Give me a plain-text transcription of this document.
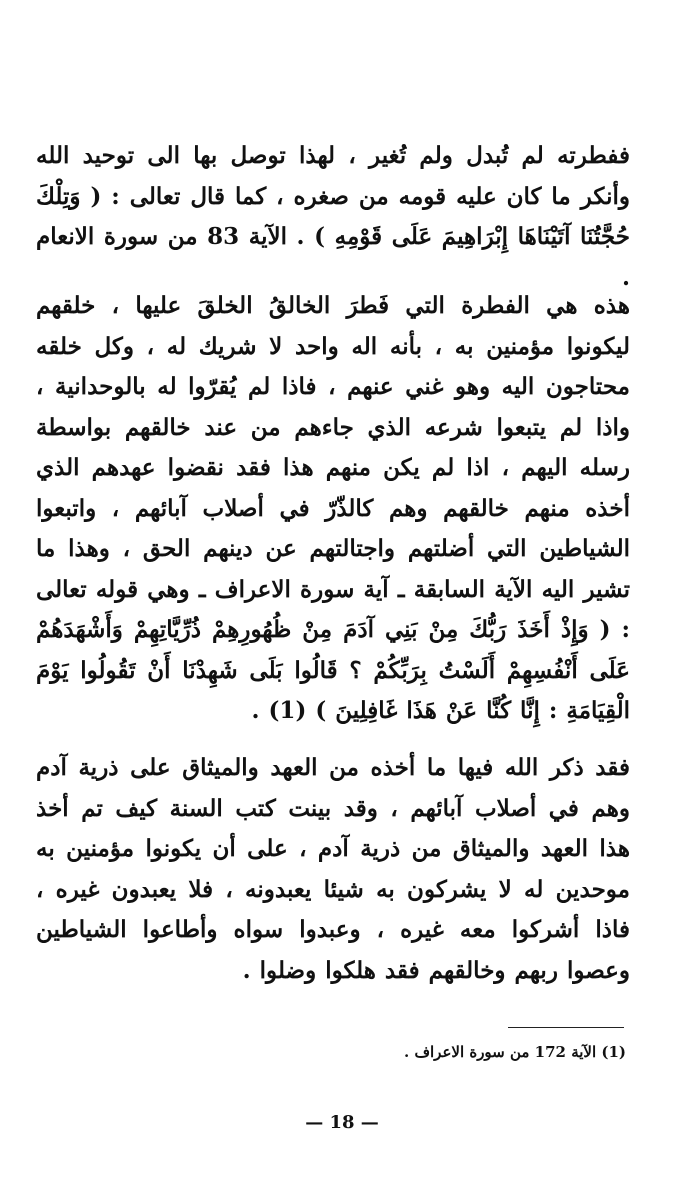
ففطرته لم تُبدل ولم تُغير ، لهذا توصل بها الى توحيد الله وأنكر ما كان عليه قومه من صغره ، كما قال تعالى : ( وَتِلْكَ حُجَّتُنَا آتَيْنَاهَا إِبْرَاهِيمَ عَلَى قَوْمِهِ ) . الآية 83 من سورة الانعام .

هذه هي الفطرة التي فَطرَ الخالقُ الخلقَ عليها ، خلقهم ليكونوا مؤمنين به ، بأنه اله واحد لا شريك له ، وكل خلقه محتاجون اليه وهو غني عنهم ، فاذا لم يُقرّوا له بالوحدانية ، واذا لم يتبعوا شرعه الذي جاءهم من عند خالقهم بواسطة رسله اليهم ، اذا لم يكن منهم هذا فقد نقضوا عهدهم الذي أخذه منهم خالقهم وهم كالذّرّ في أصلاب آبائهم ، واتبعوا الشياطين التي أضلتهم واجتالتهم عن دينهم الحق ، وهذا ما تشير اليه الآية السابقة ـ آية سورة الاعراف ـ وهي قوله تعالى : ( وَإِذْ أَخَذَ رَبُّكَ مِنْ بَنِي آدَمَ مِنْ ظُهُورِهِمْ ذُرِّيَّاتِهِمْ وَأَشْهَدَهُمْ عَلَى أَنْفُسِهِمْ أَلَسْتُ بِرَبِّكُمْ ؟ قَالُوا بَلَى شَهِدْنَا أَنْ تَقُولُوا يَوْمَ الْقِيَامَةِ : إِنَّا كُنَّا عَنْ هَذَا غَافِلِينَ ) (1) .

فقد ذكر الله فيها ما أخذه من العهد والميثاق على ذرية آدم وهم في أصلاب آبائهم ، وقد بينت كتب السنة كيف تم أخذ هذا العهد والميثاق من ذرية آدم ، على أن يكونوا مؤمنين به موحدين له لا يشركون به شيئا يعبدونه ، فلا يعبدون غيره ، فاذا أشركوا معه غيره ، وعبدوا سواه وأطاعوا الشياطين وعصوا ربهم وخالقهم فقد هلكوا وضلوا .

(1) الآية 172 من سورة الاعراف .
— 18 —
